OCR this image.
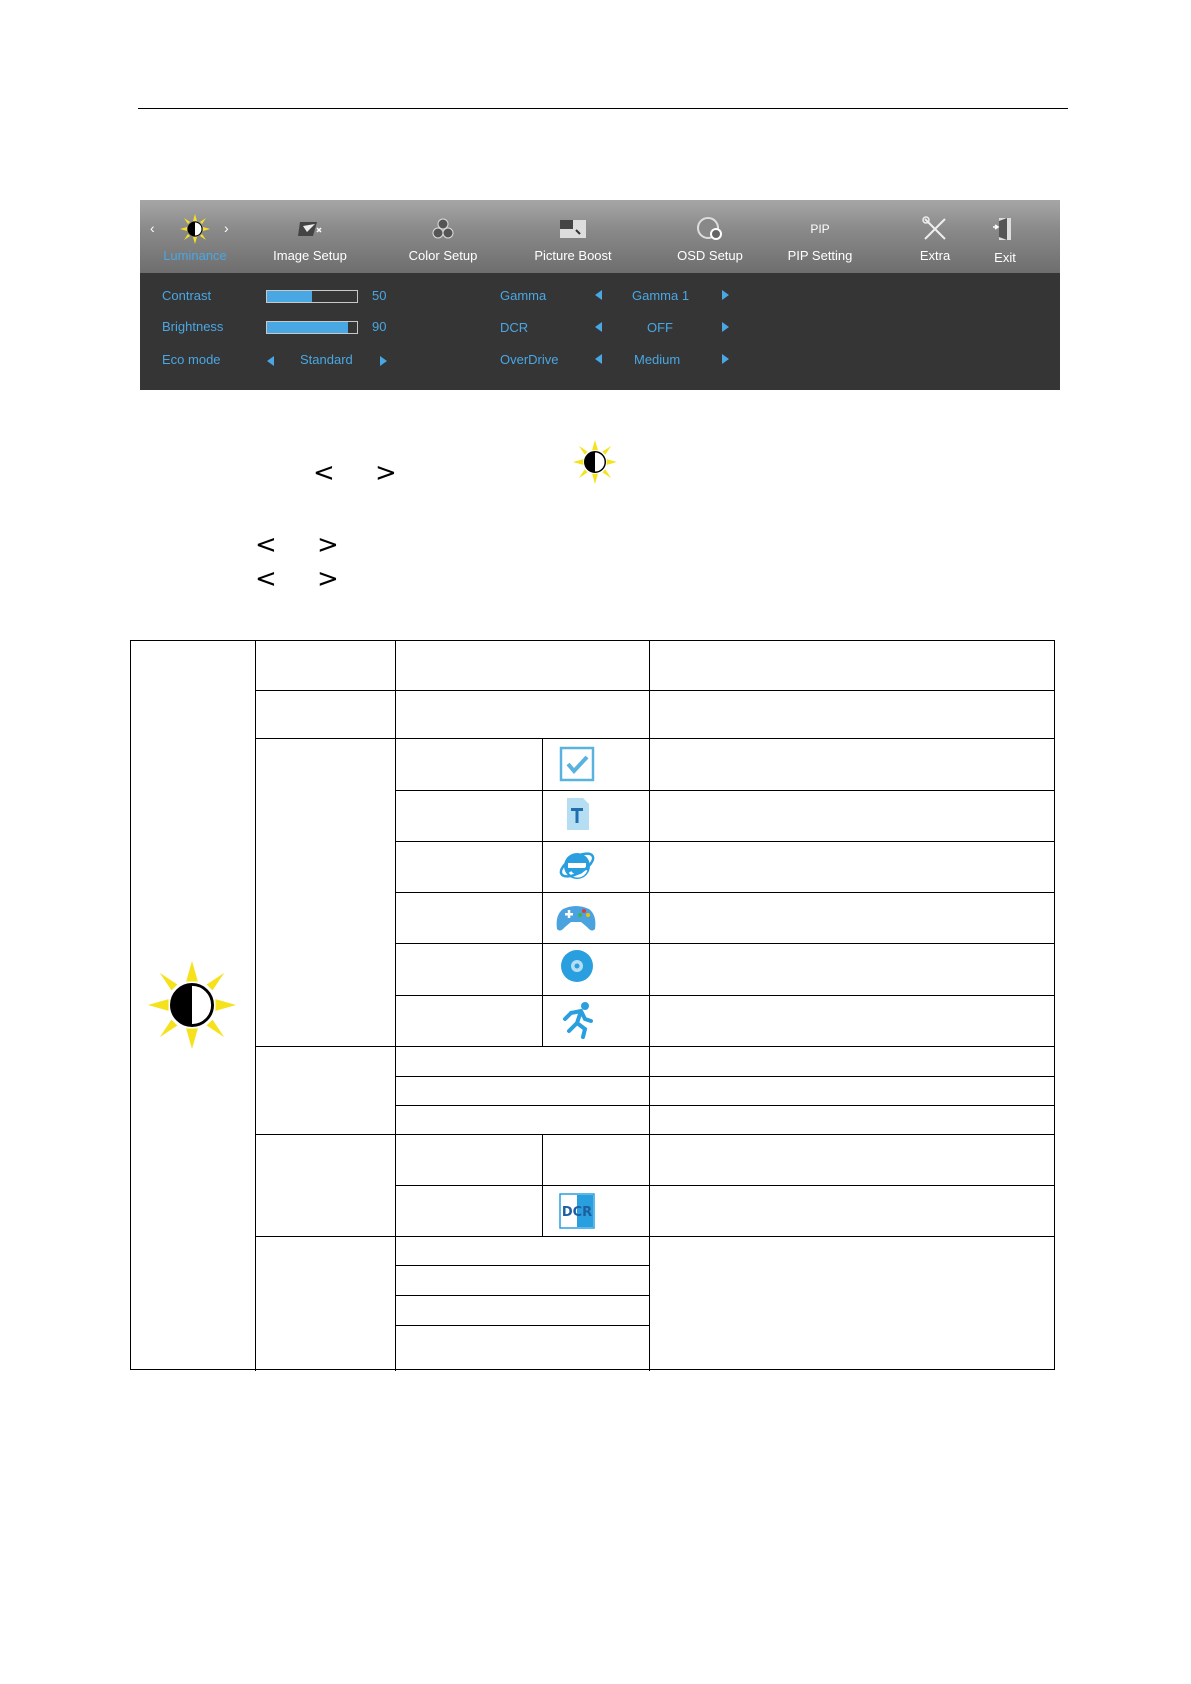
‹	›
Luminance	Image Setup	Color Setup	Picture Boost	OSD Setup
PIP
PIP Setting	Exit
Extra
Contrast	50
Brightness	90
Eco mode	Standard
Gamma	Gamma 1
DCR	OFF
OverDrive	Medium
< >
< >
< >
DCR
